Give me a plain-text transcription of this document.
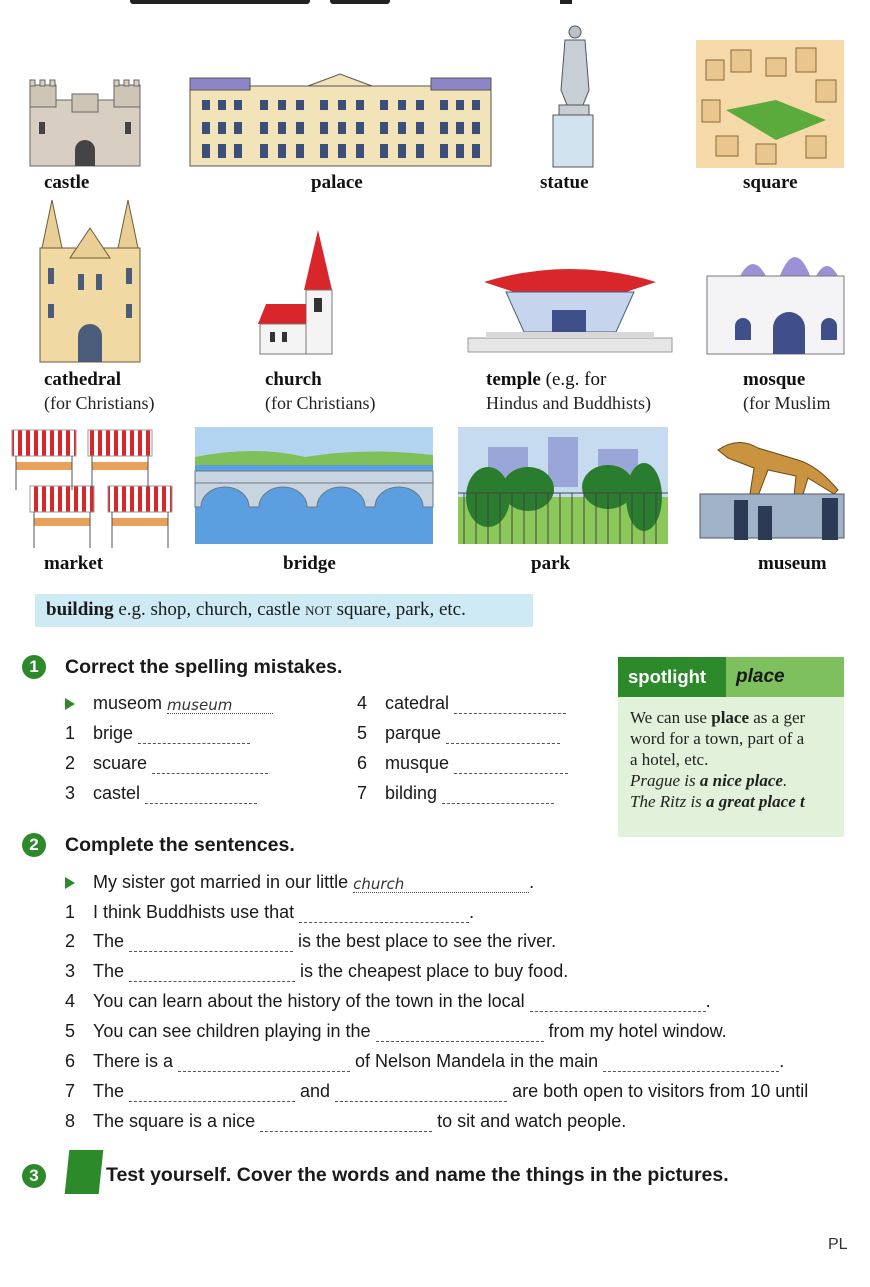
castle	palace	statue	square
cathedral
(for Christians)
church
(for Christians)
temple (e.g. for
Hindus and Buddhists)
mosque
(for Muslim
market	bridge	park	museum
building e.g. shop, church, castle NOT square, park, etc.
1	Correct the spelling mistakes.
museom museum
1 brige
2 scuare
3 castel
4 catedral
5 parque
6 musque
7 bilding
spotlight	place
We can use place as a ger
word for a town, part of a
a hotel, etc.
Prague is a nice place.
The Ritz is a great place t
2	Complete the sentences.
My sister got married in our little church	.
1 I think Buddhists use that	.
2 The	is the best place to see the river.
3 The	is the cheapest place to buy food.
4 You can learn about the history of the town in the local	.
5 You can see children playing in the	from my hotel window.
6 There is a	of Nelson Mandela in the main	.
7 The	and	are both open to visitors from 10 until
8 The square is a nice	to sit and watch people.
3	Test yourself. Cover the words and name the things in the pictures.
PL
